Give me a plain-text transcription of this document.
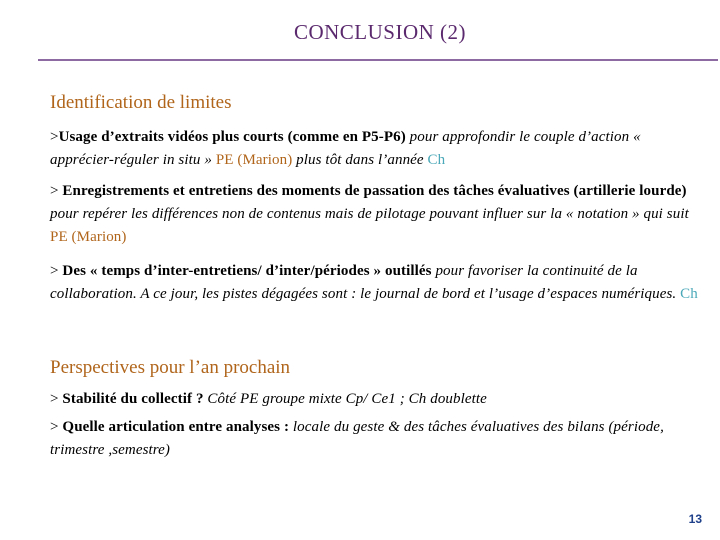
CONCLUSION (2)
Identification de limites
>Usage d’extraits vidéos plus courts (comme en P5-P6) pour approfondir le couple d’action « apprécier-réguler in situ » PE (Marion) plus tôt dans l’année Ch
> Enregistrements et entretiens des moments de passation des tâches évaluatives (artillerie lourde) pour repérer les différences non de contenus mais de pilotage pouvant influer sur la « notation » qui suit PE (Marion)
> Des « temps d’inter-entretiens/ d’inter/périodes » outillés pour favoriser la continuité de la collaboration. A ce jour, les pistes dégagées sont : le journal de bord et l’usage d’espaces numériques. Ch
Perspectives pour l’an prochain
> Stabilité du collectif ? Côté PE groupe mixte Cp/ Ce1 ; Ch doublette
> Quelle articulation entre analyses : locale du geste & des tâches évaluatives des bilans (période, trimestre ,semestre)
13
